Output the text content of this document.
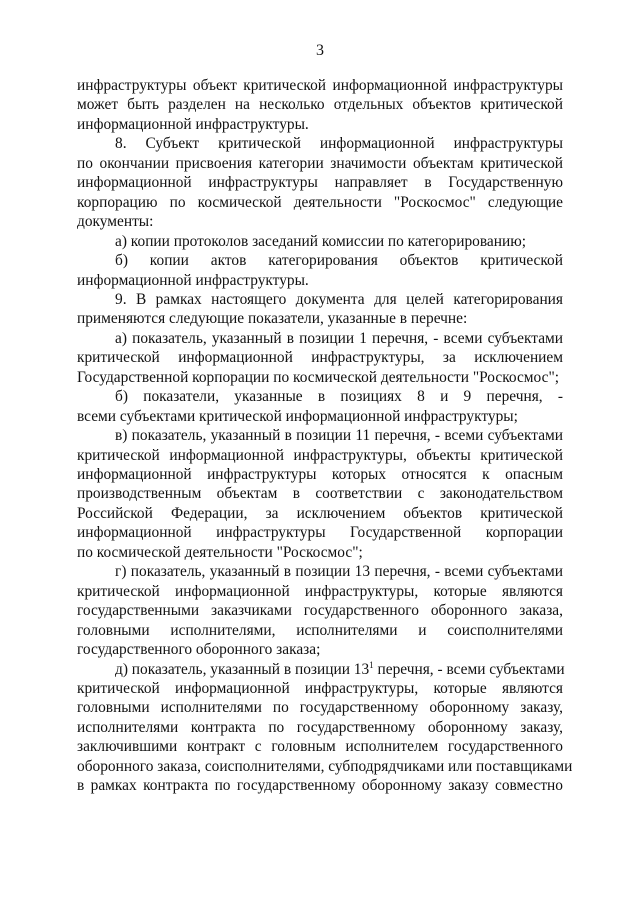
3
инфраструктуры объект критической информационной инфраструктуры
может быть разделен на несколько отдельных объектов критической
информационной инфраструктуры.
8. Субъект критической информационной инфраструктуры
по окончании присвоения категории значимости объектам критической
информационной инфраструктуры направляет в Государственную
корпорацию по космической деятельности "Роскосмос" следующие
документы:
а) копии протоколов заседаний комиссии по категорированию;
б) копии актов категорирования объектов критической
информационной инфраструктуры.
9. В рамках настоящего документа для целей категорирования
применяются следующие показатели, указанные в перечне:
а) показатель, указанный в позиции 1 перечня, - всеми субъектами
критической информационной инфраструктуры, за исключением
Государственной корпорации по космической деятельности "Роскосмос";
б) показатели, указанные в позициях 8 и 9 перечня, -
всеми субъектами критической информационной инфраструктуры;
в) показатель, указанный в позиции 11 перечня, - всеми субъектами
критической информационной инфраструктуры, объекты критической
информационной инфраструктуры которых относятся к опасным
производственным объектам в соответствии с законодательством
Российской Федерации, за исключением объектов критической
информационной инфраструктуры Государственной корпорации
по космической деятельности "Роскосмос";
г) показатель, указанный в позиции 13 перечня, - всеми субъектами
критической информационной инфраструктуры, которые являются
государственными заказчиками государственного оборонного заказа,
головными исполнителями, исполнителями и соисполнителями
государственного оборонного заказа;
д) показатель, указанный в позиции $13^1$ перечня, - всеми субъектами
критической информационной инфраструктуры, которые являются
головными исполнителями по государственному оборонному заказу,
исполнителями контракта по государственному оборонному заказу,
заключившими контракт с головным исполнителем государственного
оборонного заказа, соисполнителями, субподрядчиками или поставщиками
в рамках контракта по государственному оборонному заказу совместно
